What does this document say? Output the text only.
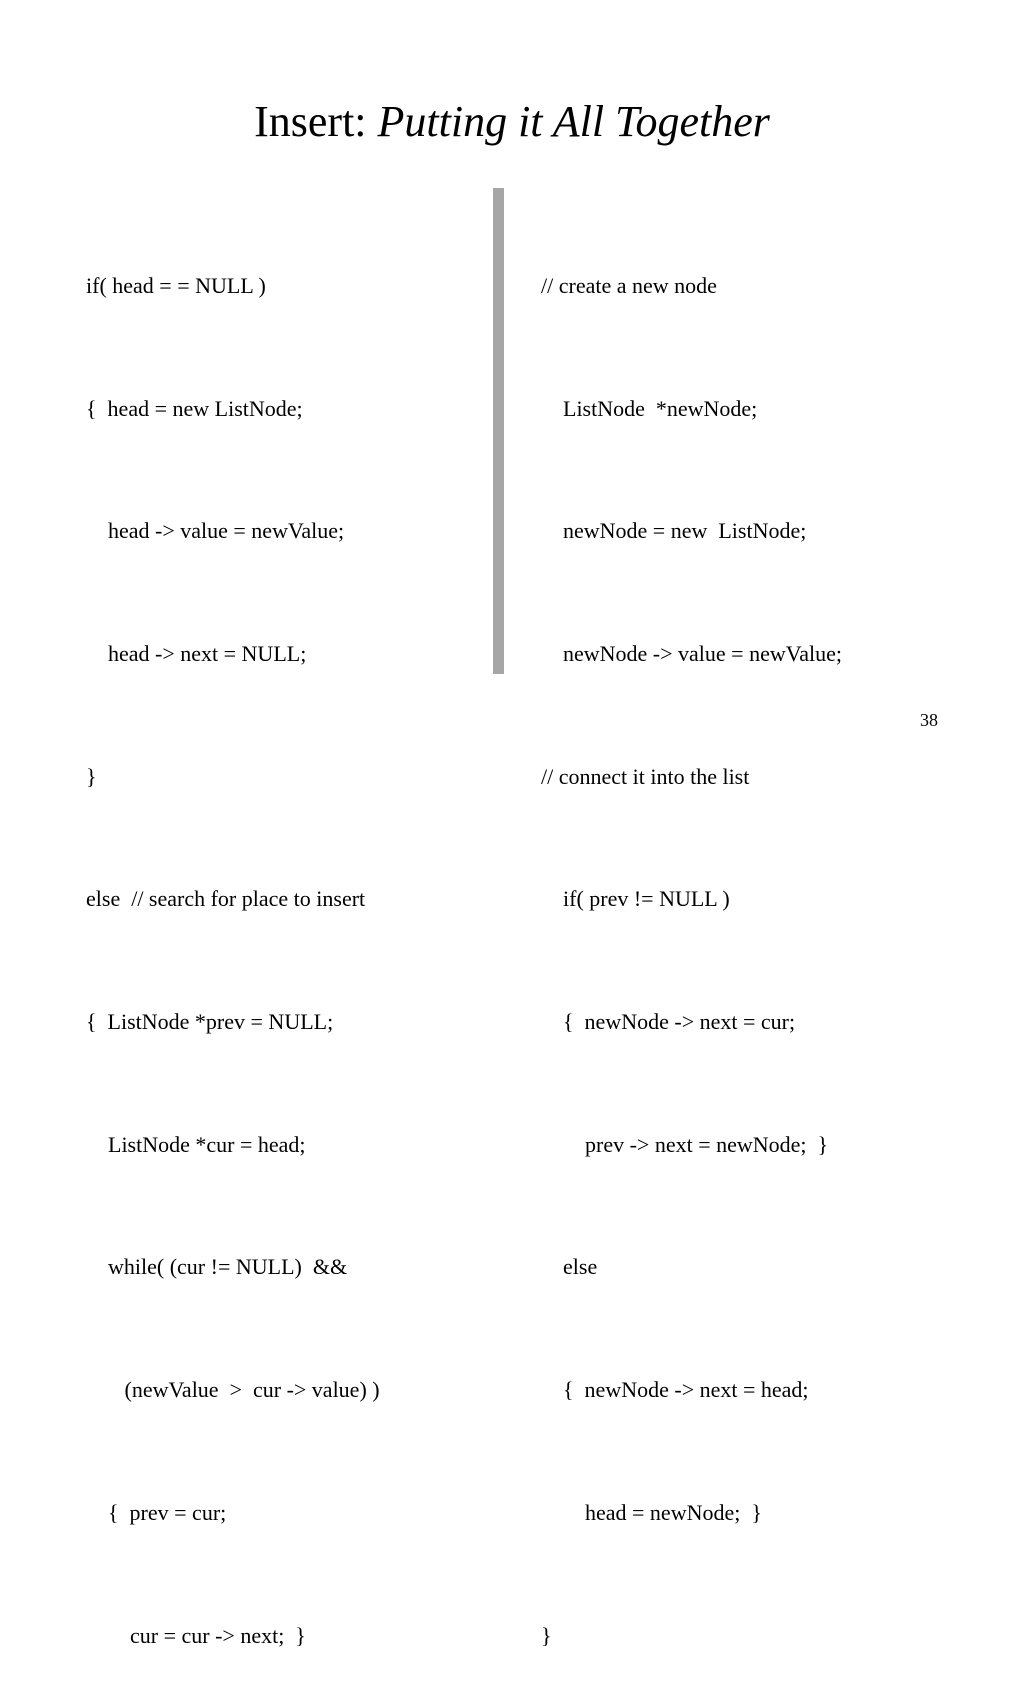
Insert: Putting it All Together

if( head = = NULL )

{  head = new ListNode;

head -> value = newValue;

head -> next = NULL;

}

else  // search for place to insert

{  ListNode *prev = NULL;

ListNode *cur = head;

while( (cur != NULL)  &&

(newValue  >  cur -> value) )

{  prev = cur;

cur = cur -> next;  }

// create a new node

ListNode  *newNode;

newNode = new  ListNode;

newNode -> value = newValue;

// connect it into the list

if( prev != NULL )

{  newNode -> next = cur;

prev -> next = newNode;  }

else

{  newNode -> next = head;

head = newNode;  }

}

38
